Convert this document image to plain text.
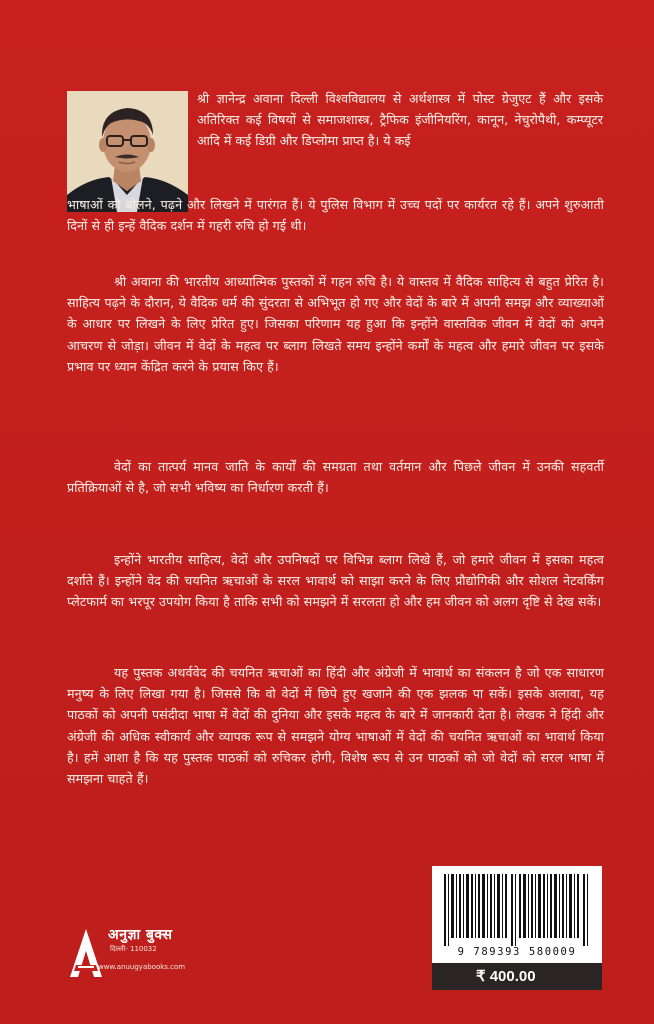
श्री ज्ञानेन्द्र अवाना दिल्ली विश्वविद्यालय से अर्थशास्त्र में पोस्ट ग्रेजुएट हैं और इसके अतिरिक्त कई विषयों से समाजशास्त्र, ट्रैफिक इंजीनियरिंग, कानून, नेचुरोपैथी, कम्प्यूटर आदि में कई डिग्री और डिप्लोमा प्राप्त है। ये कई
भाषाओं को बोलने, पढ़ने और लिखने में पारंगत हैं। ये पुलिस विभाग में उच्च पदों पर कार्यरत रहे हैं। अपने शुरुआती दिनों से ही इन्हें वैदिक दर्शन में गहरी रुचि हो गई थी।

श्री अवाना की भारतीय आध्यात्मिक पुस्तकों में गहन रुचि है। ये वास्तव में वैदिक साहित्य से बहुत प्रेरित है। साहित्य पढ़ने के दौरान, ये वैदिक धर्म की सुंदरता से अभिभूत हो गए और वेदों के बारे में अपनी समझ और व्याख्याओं के आधार पर लिखने के लिए प्रेरित हुए। जिसका परिणाम यह हुआ कि इन्होंने वास्तविक जीवन में वेदों को अपने आचरण से जोड़ा। जीवन में वेदों के महत्व पर ब्लाग लिखते समय इन्होंने कर्मों के महत्व और हमारे जीवन पर इसके प्रभाव पर ध्यान केंद्रित करने के प्रयास किए हैं।

वेदों का तात्पर्य मानव जाति के कार्यों की समग्रता तथा वर्तमान और पिछले जीवन में उनकी सहवर्ती प्रतिक्रियाओं से है, जो सभी भविष्य का निर्धारण करती हैं।

इन्होंने भारतीय साहित्य, वेदों और उपनिषदों पर विभिन्न ब्लाग लिखे हैं, जो हमारे जीवन में इसका महत्व दर्शाते हैं। इन्होंने वेद की चयनित ऋचाओं के सरल भावार्थ को साझा करने के लिए प्रौद्योगिकी और सोशल नेटवर्किंग प्लेटफार्म का भरपूर उपयोग किया है ताकि सभी को समझने में सरलता हो और हम जीवन को अलग दृष्टि से देख सकें।

यह पुस्तक अथर्ववेद की चयनित ऋचाओं का हिंदी और अंग्रेजी में भावार्थ का संकलन है जो एक साधारण मनुष्य के लिए लिखा गया है। जिससे कि वो वेदों में छिपे हुए खजाने की एक झलक पा सकें। इसके अलावा, यह पाठकों को अपनी पसंदीदा भाषा में वेदों की दुनिया और इसके महत्व के बारे में जानकारी देता है। लेखक ने हिंदी और अंग्रेजी की अधिक स्वीकार्य और व्यापक रूप से समझने योग्य भाषाओं में वेदों की चयनित ऋचाओं का भावार्थ किया है। हमें आशा है कि यह पुस्तक पाठकों को रुचिकर होगी, विशेष रूप से उन पाठकों को जो वेदों को सरल भाषा में समझना चाहते हैं।

अनुज्ञा बुक्स
दिल्ली- 110032
www.anuugyabooks.com
9 789393 580009
₹ 400.00
